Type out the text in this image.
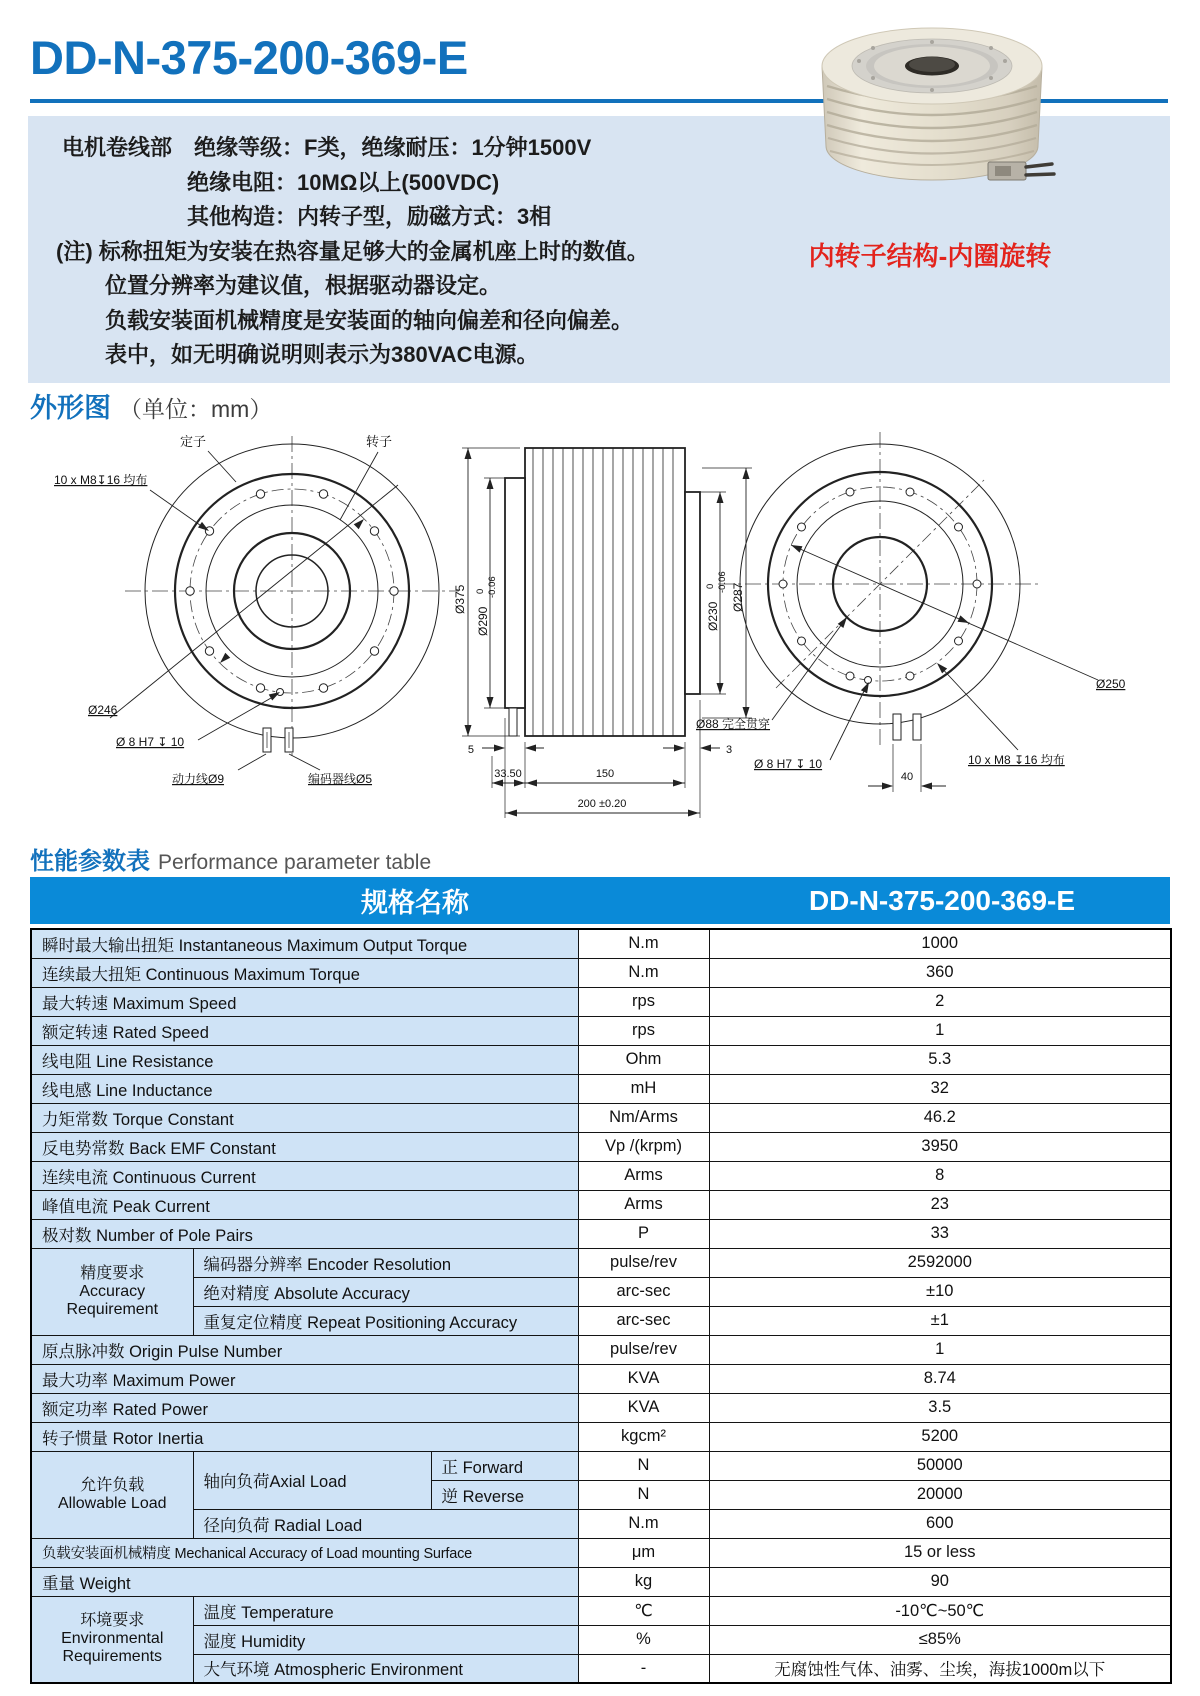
DD-N-375-200-369-E
电机卷线部　绝缘等级：F类，绝缘耐压：1分钟1500V
绝缘电阻：10MΩ以上(500VDC)
其他构造：内转子型，励磁方式：3相
(注) 标称扭矩为安装在热容量足够大的金属机座上时的数值。
位置分辨率为建议值，根据驱动器设定。
负载安装面机械精度是安装面的轴向偏差和径向偏差。
表中，如无明确说明则表示为380VAC电源。
内转子结构-内圈旋转
外形图 （单位：mm）
定子	转子
10 x M8↧16 均布
Ø246
Ø 8 H7 ↧ 10
动力线Ø9	编码器线Ø5
Ø375
Ø2900-0.06
Ø2300-0.06
Ø287
5	3
33.50	150
200 ±0.20
40
Ø250
Ø88 完全贯穿
Ø 8 H7 ↧ 10	10 x M8 ↧16 均布
性能参数表 Performance parameter table
规格名称	DD-N-375-200-369-E
瞬时最大输出扭矩 Instantaneous Maximum Output Torque			N.m	1000
连续最大扭矩 Continuous Maximum Torque			N.m	360
最大转速 Maximum Speed			rps	2
额定转速 Rated Speed			rps	1
线电阻 Line Resistance			Ohm	5.3
线电感 Line Inductance			mH	32
力矩常数 Torque Constant			Nm/Arms	46.2
反电势常数 Back EMF Constant			Vp /(krpm)	3950
连续电流 Continuous Current			Arms	8
峰值电流 Peak Current			Arms	23
极对数 Number of Pole Pairs			P	33

精度要求
Accuracy
Requirement	编码器分辨率 Encoder Resolution		pulse/rev	2592000
	绝对精度 Absolute Accuracy		arc-sec	±10
	重复定位精度 Repeat Positioning Accuracy		arc-sec	±1
原点脉冲数 Origin Pulse Number			pulse/rev	1
最大功率 Maximum Power			KVA	8.74
额定功率 Rated Power			KVA	3.5
转子惯量 Rotor Inertia			kgcm²	5200

允许负载
Allowable Load	轴向负荷Axial Load	正 Forward	N	50000
		逆 Reverse	N	20000
	径向负荷 Radial Load		N.m	600
负载安装面机械精度 Mechanical Accuracy of Load mounting Surface			μm	15 or less
重量 Weight			kg	90

环境要求
Environmental
Requirements	温度 Temperature		℃	-10℃~50℃
	湿度 Humidity		%	≤85%
	大气环境 Atmospheric Environment		-	无腐蚀性气体、油雾、尘埃，海拔1000m以下
